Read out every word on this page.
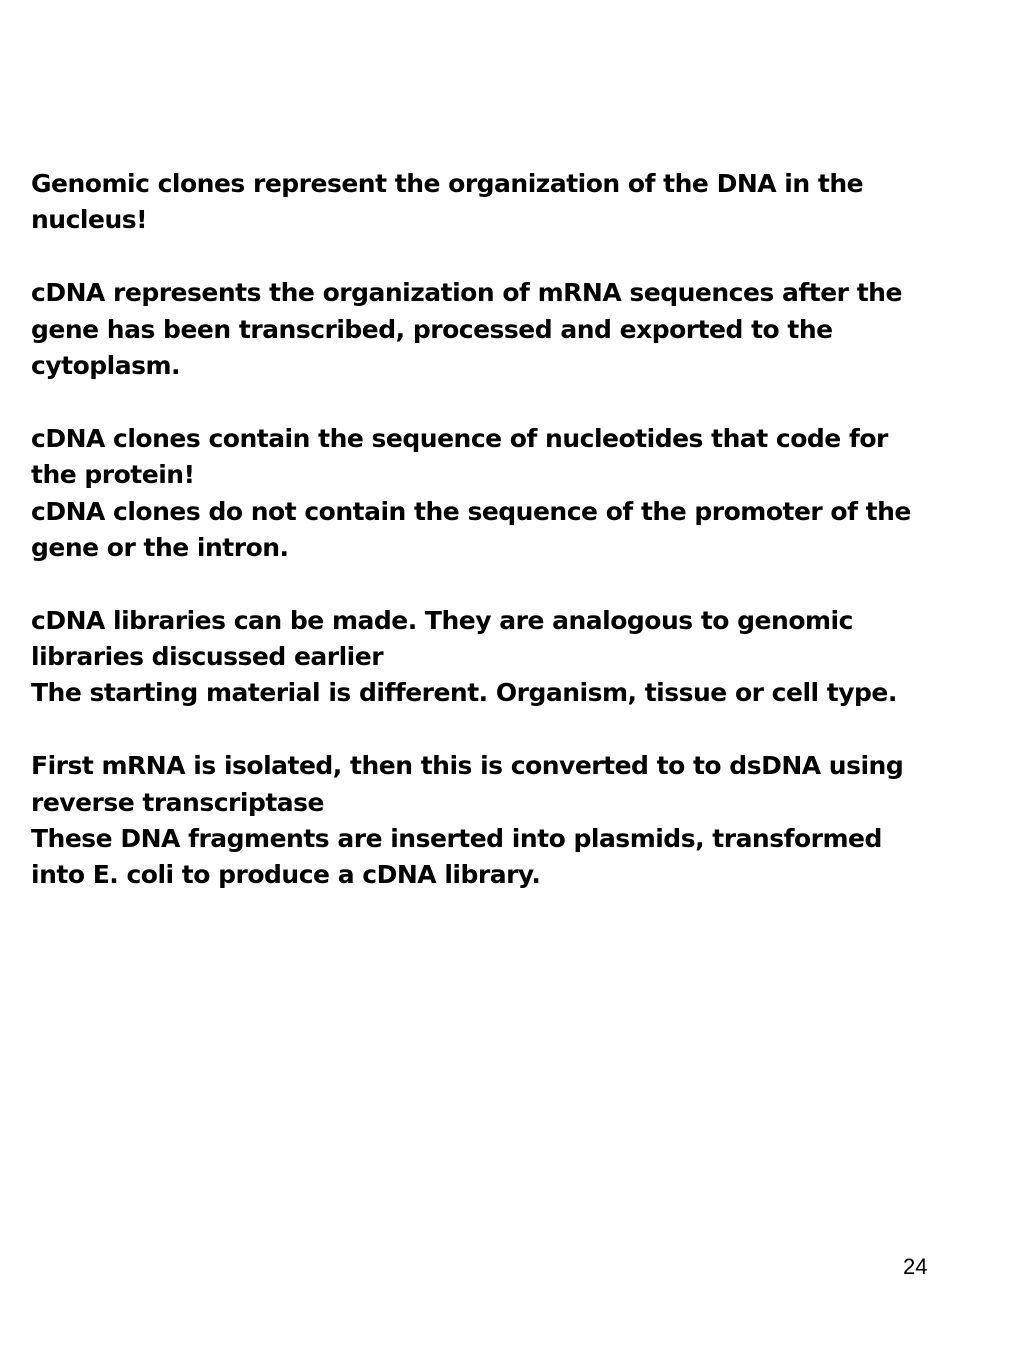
Genomic clones represent the organization of the DNA in the
nucleus!
cDNA represents the organization of mRNA sequences after the
gene has been transcribed, processed and exported to the
cytoplasm.
cDNA clones contain the sequence of nucleotides that code for
the protein!
cDNA clones do not contain the sequence of the promoter of the
gene or the intron.
cDNA libraries can be made. They are analogous to genomic
libraries discussed earlier
The starting material is different. Organism, tissue or cell type.
First mRNA is isolated, then this is converted to to dsDNA using
reverse transcriptase
These DNA fragments are inserted into plasmids, transformed
into E. coli to produce a cDNA library.
24
